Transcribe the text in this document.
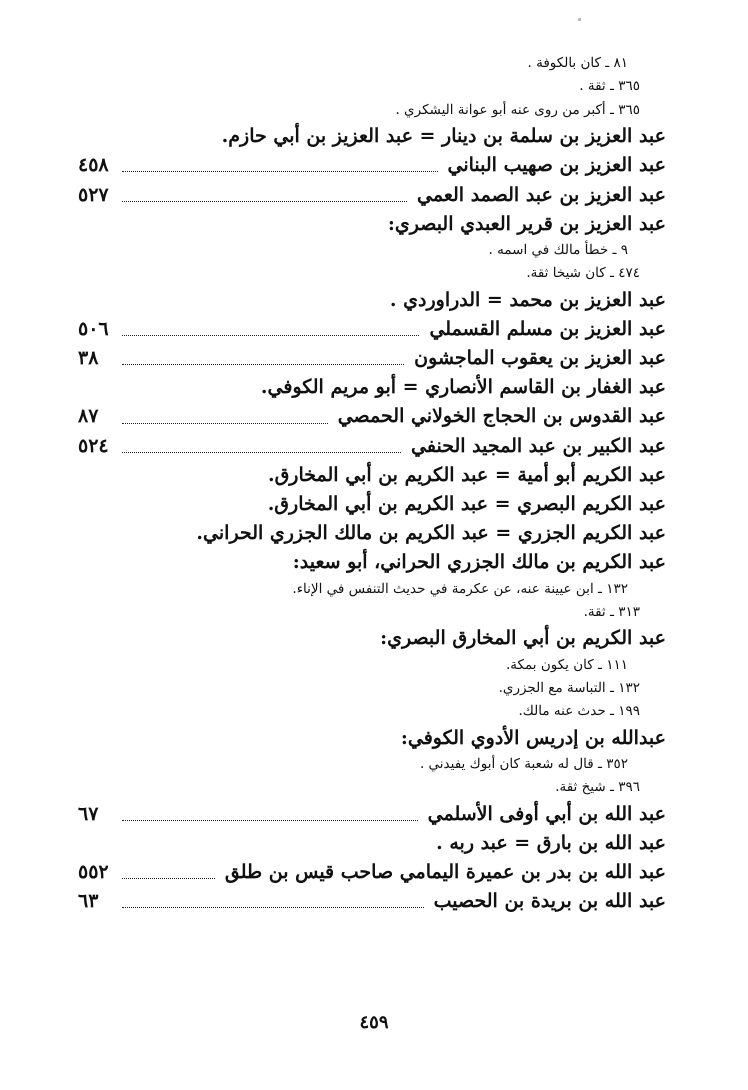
٨١ ـ كان بالكوفة .
٣٦٥ ـ ثقة .
٣٦٥ ـ أكبر من روى عنه أبو عوانة اليشكري .
عبد العزيز بن سلمة بن دينار = عبد العزيز بن أبي حازم.
عبد العزيز بن صهيب البناني
٤٥٨
عبد العزيز بن عبد الصمد العمي
٥٢٧
عبد العزيز بن قرير العبدي البصري:
٩ ـ خطأ مالك في اسمه .
٤٧٤ ـ كان شيخا ثقة.
عبد العزيز بن محمد = الدراوردي .
عبد العزيز بن مسلم القسملي
٥٠٦
عبد العزيز بن يعقوب الماجشون
٣٨
عبد الغفار بن القاسم الأنصاري = أبو مريم الكوفي.
عبد القدوس بن الحجاج الخولاني الحمصي
٨٧
عبد الكبير بن عبد المجيد الحنفي
٥٢٤
عبد الكريم أبو أمية = عبد الكريم بن أبي المخارق.
عبد الكريم البصري = عبد الكريم بن أبي المخارق.
عبد الكريم الجزري = عبد الكريم بن مالك الجزري الحراني.
عبد الكريم بن مالك الجزري الحراني، أبو سعيد:
١٣٢ ـ ابن عيينة عنه، عن عكرمة في حديث التنفس في الإناء.
٣١٣ ـ ثقة.
عبد الكريم بن أبي المخارق البصري:
١١١ ـ كان يكون بمكة.
١٣٢ ـ التباسة مع الجزري.
١٩٩ ـ حدث عنه مالك.
عبدالله بن إدريس الأدوي الكوفي:
٣٥٢ ـ قال له شعبة كان أبوك يفيدني .
٣٩٦ ـ شيخ ثقة.
عبد الله بن أبي أوفى الأسلمي
٦٧
عبد الله بن بارق = عبد ربه .
عبد الله بن بدر بن عميرة اليمامي صاحب قيس بن طلق
٥٥٢
عبد الله بن بريدة بن الحصيب
٦٣
٤٥٩
